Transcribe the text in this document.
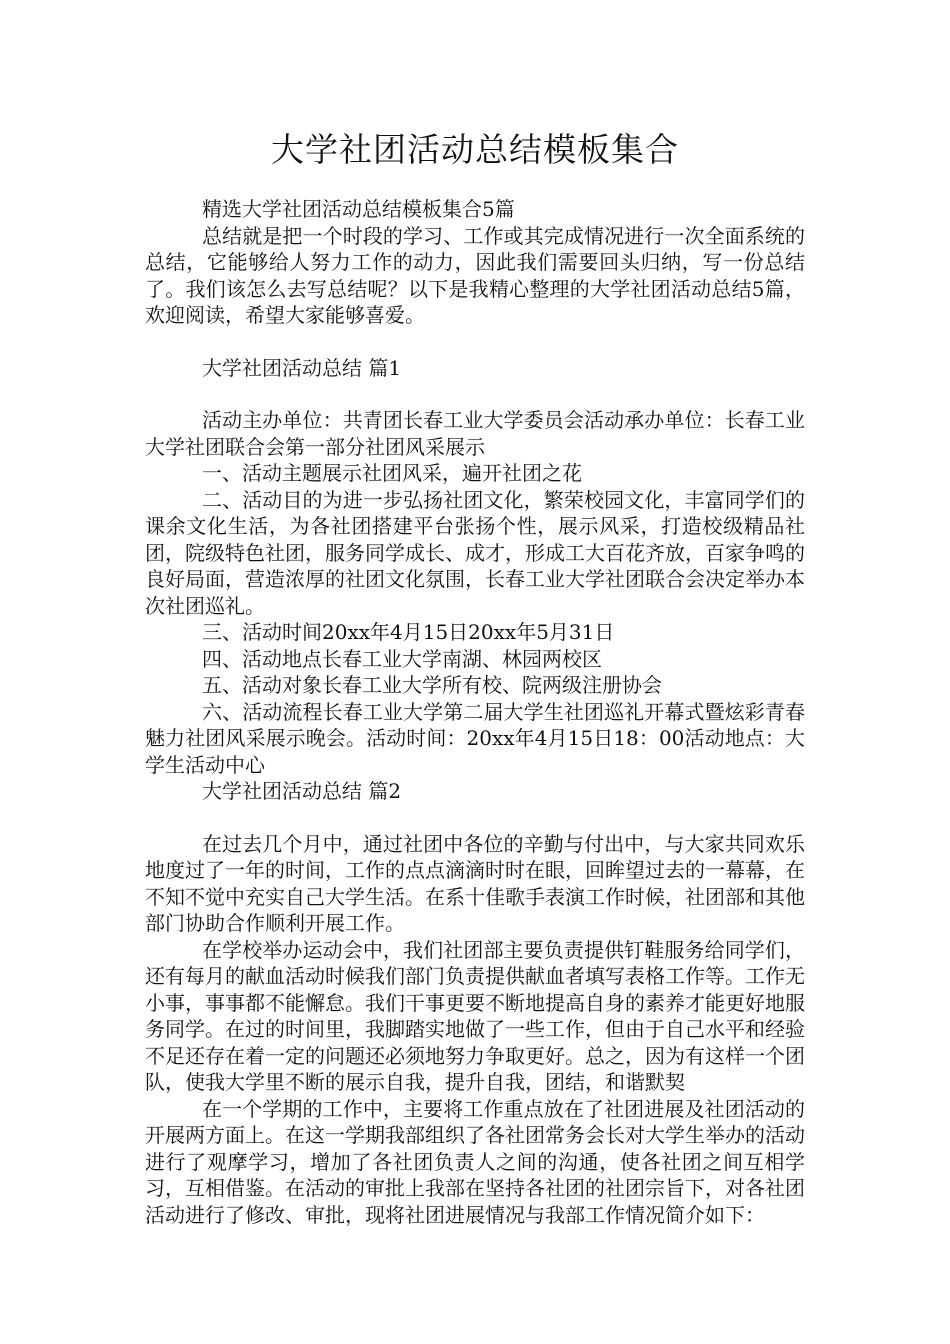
大学社团活动总结模板集合

精选大学社团活动总结模板集合5篇

总结就是把一个时段的学习、工作或其完成情况进行一次全面系统的总结，它能够给人努力工作的动力，因此我们需要回头归纳，写一份总结了。我们该怎么去写总结呢？以下是我精心整理的大学社团活动总结5篇，欢迎阅读，希望大家能够喜爱。

大学社团活动总结 篇1

活动主办单位：共青团长春工业大学委员会活动承办单位：长春工业大学社团联合会第一部分社团风采展示

一、活动主题展示社团风采，遍开社团之花

二、活动目的为进一步弘扬社团文化，繁荣校园文化，丰富同学们的课余文化生活，为各社团搭建平台张扬个性，展示风采，打造校级精品社团，院级特色社团，服务同学成长、成才，形成工大百花齐放，百家争鸣的良好局面，营造浓厚的社团文化氛围，长春工业大学社团联合会决定举办本次社团巡礼。

三、活动时间20xx年4月15日20xx年5月31日

四、活动地点长春工业大学南湖、林园两校区

五、活动对象长春工业大学所有校、院两级注册协会

六、活动流程长春工业大学第二届大学生社团巡礼开幕式暨炫彩青春魅力社团风采展示晚会。活动时间：20xx年4月15日18：00活动地点：大学生活动中心

大学社团活动总结 篇2

在过去几个月中，通过社团中各位的辛勤与付出中，与大家共同欢乐地度过了一年的时间，工作的点点滴滴时时在眼，回眸望过去的一幕幕，在不知不觉中充实自己大学生活。在系十佳歌手表演工作时候，社团部和其他部门协助合作顺利开展工作。

在学校举办运动会中，我们社团部主要负责提供钉鞋服务给同学们，还有每月的献血活动时候我们部门负责提供献血者填写表格工作等。工作无小事，事事都不能懈怠。我们干事更要不断地提高自身的素养才能更好地服务同学。在过的时间里，我脚踏实地做了一些工作，但由于自己水平和经验不足还存在着一定的问题还必须地努力争取更好。总之，因为有这样一个团队，使我大学里不断的展示自我，提升自我，团结，和谐默契

在一个学期的工作中，主要将工作重点放在了社团进展及社团活动的开展两方面上。在这一学期我部组织了各社团常务会长对大学生举办的活动进行了观摩学习，增加了各社团负责人之间的沟通，使各社团之间互相学习，互相借鉴。在活动的审批上我部在坚持各社团的社团宗旨下，对各社团活动进行了修改、审批，现将社团进展情况与我部工作情况简介如下：
